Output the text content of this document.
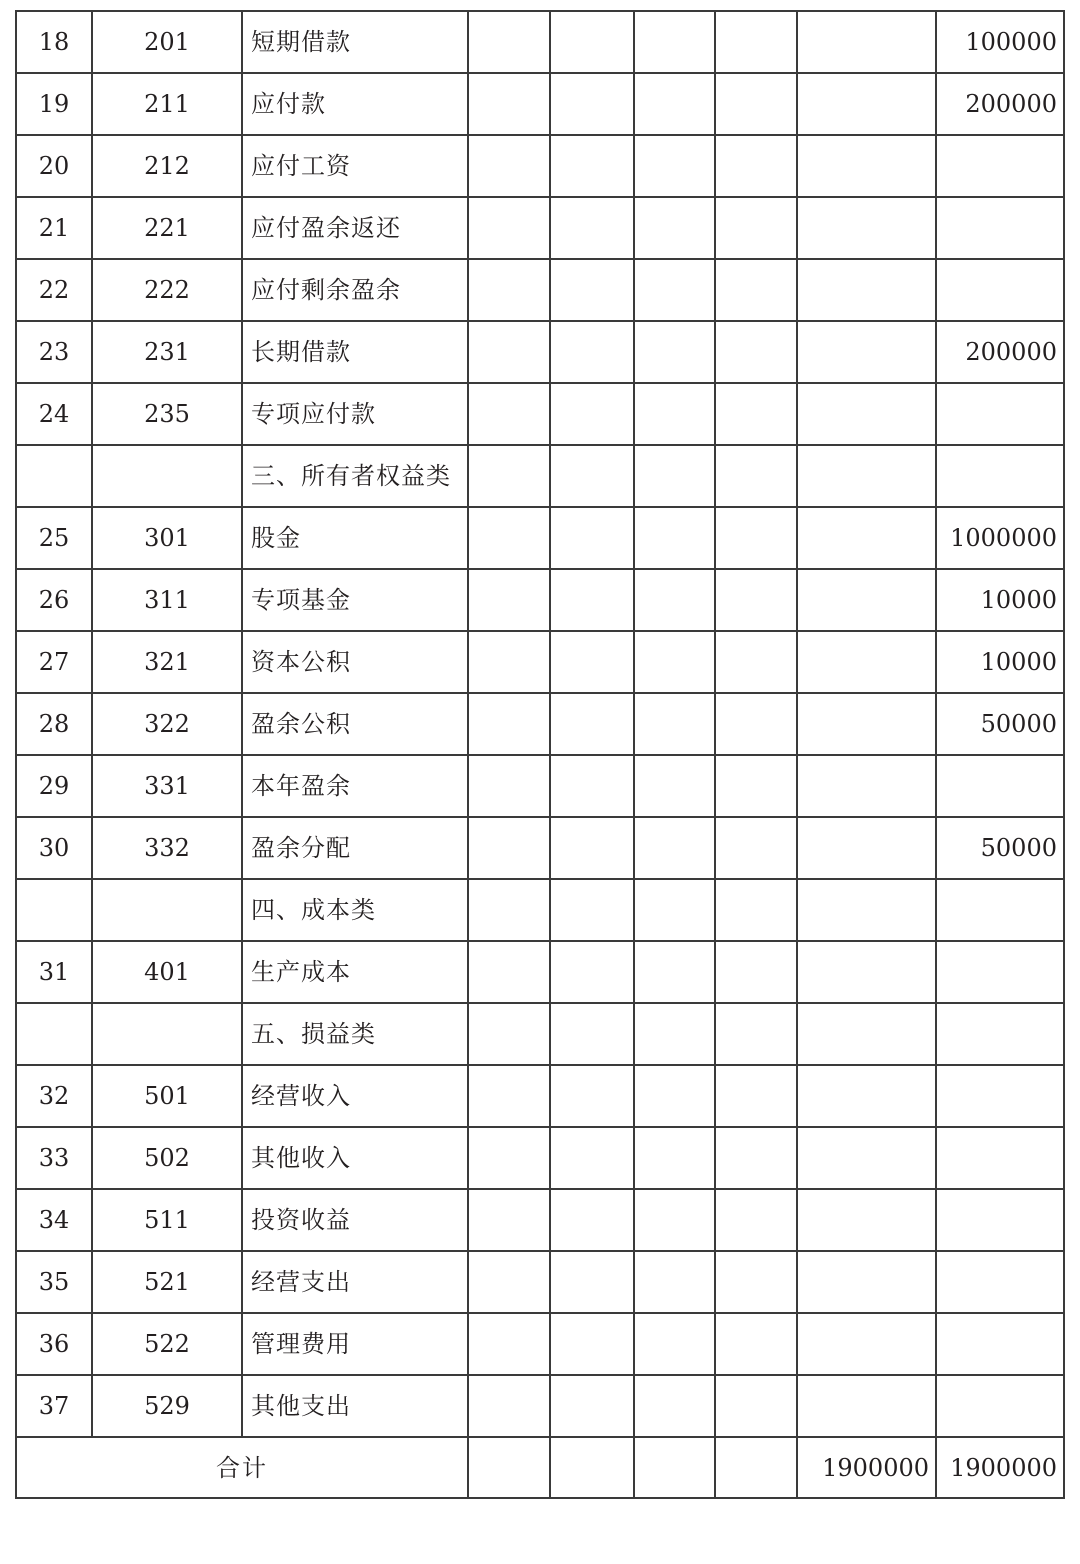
18	201	短期借款						100000
19	211	应付款						200000
20	212	应付工资						
21	221	应付盈余返还						
22	222	应付剩余盈余						
23	231	长期借款						200000
24	235	专项应付款						
		三、所有者权益类						
25	301	股金						1000000
26	311	专项基金						10000
27	321	资本公积						10000
28	322	盈余公积						50000
29	331	本年盈余						
30	332	盈余分配						50000
		四、成本类						
31	401	生产成本						
		五、损益类						
32	501	经营收入						
33	502	其他收入						
34	511	投资收益						
35	521	经营支出						
36	522	管理费用						
37	529	其他支出						
合计							1900000	1900000
